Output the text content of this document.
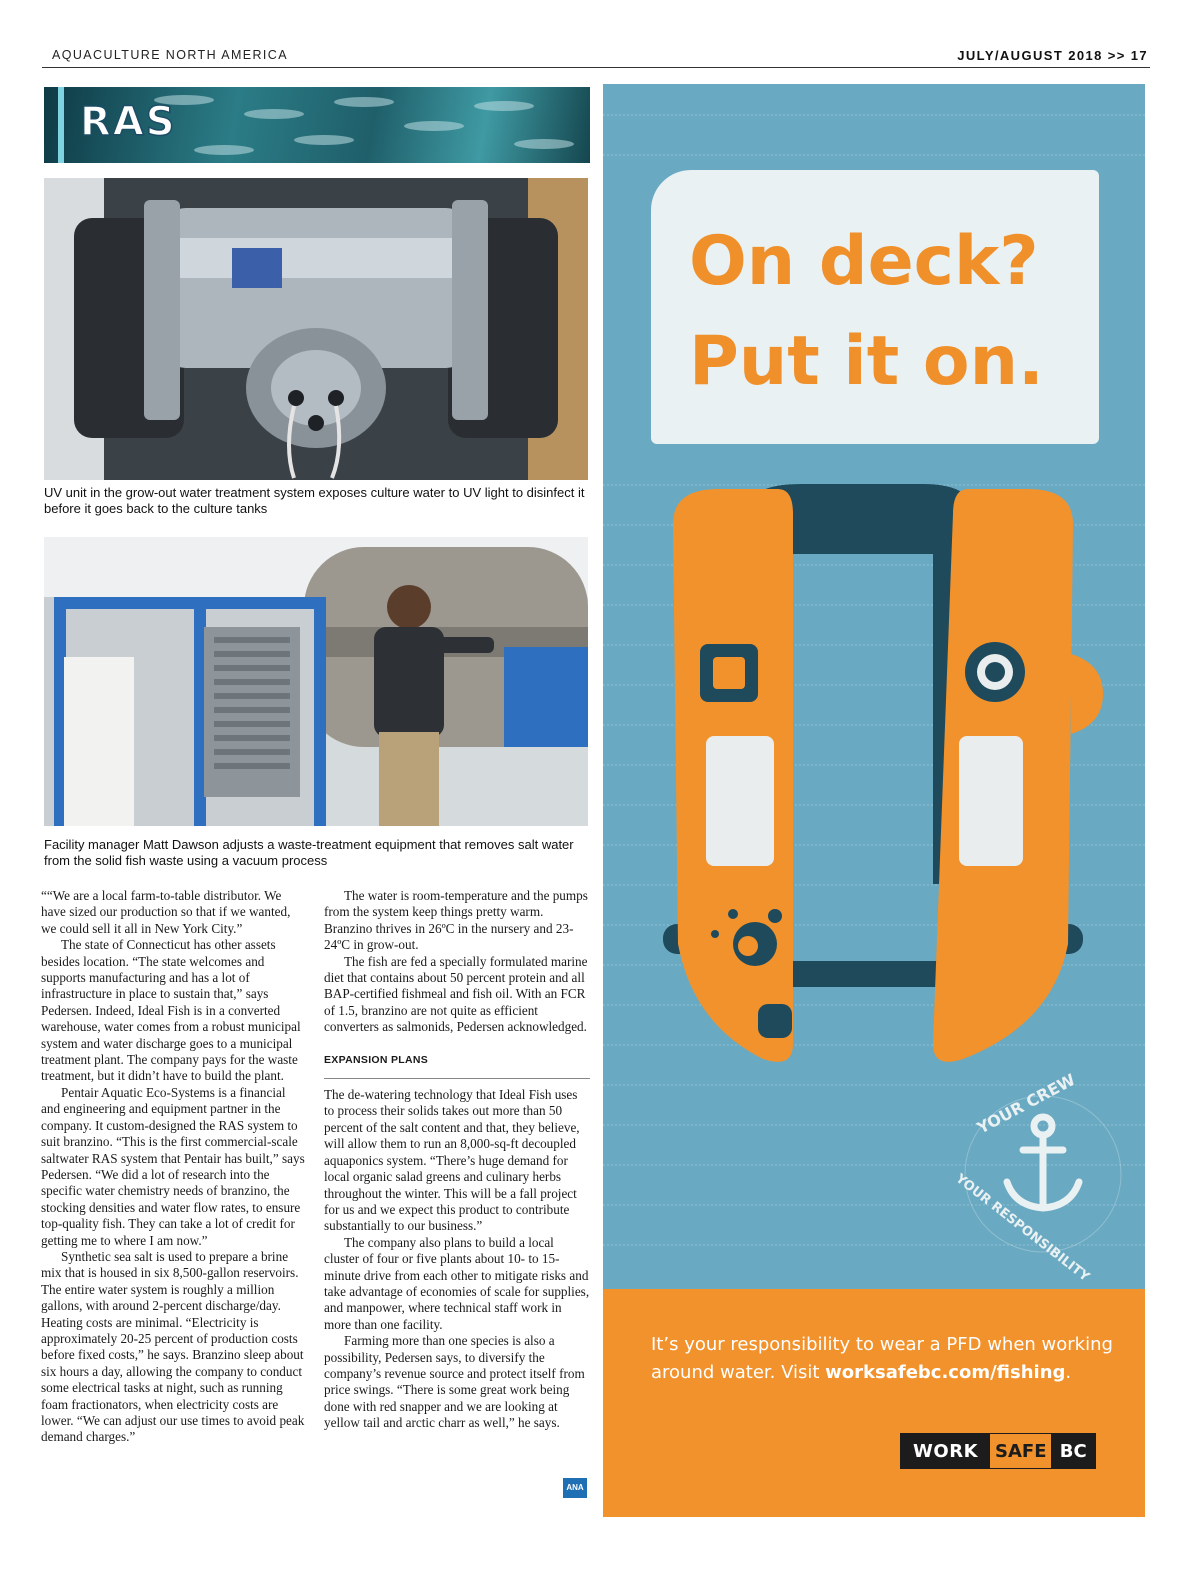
AQUACULTURE NORTH AMERICA	JULY/AUGUST 2018 >> 17
RAS
UV unit in the grow-out water treatment system exposes culture water to UV light to disinfect it before it goes back to the culture tanks
Facility manager Matt Dawson adjusts a waste-treatment equipment that removes salt water from the solid fish waste using a vacuum process

““We are a local farm-to-table distributor. We have sized our production so that if we wanted, we could sell it all in New York City.”

The state of Connecticut has other assets besides location. “The state welcomes and supports manufacturing and has a lot of infrastructure in place to sustain that,” says Pedersen. Indeed, Ideal Fish is in a converted warehouse, water comes from a robust municipal system and water discharge goes to a municipal treatment plant. The company pays for the waste treatment, but it didn’t have to build the plant.

Pentair Aquatic Eco-Systems is a financial and engineering and equipment partner in the company. It custom-designed the RAS system to suit branzino. “This is the first commercial-scale saltwater RAS system that Pentair has built,” says Pedersen. “We did a lot of research into the specific water chemistry needs of branzino, the stocking densities and water flow rates, to ensure top-quality fish. They can take a lot of credit for getting me to where I am now.”

Synthetic sea salt is used to prepare a brine mix that is housed in six 8,500-gallon reservoirs. The entire water system is roughly a million gallons, with around 2-percent discharge/day. Heating costs are minimal. “Electricity is approximately 20-25 percent of production costs before fixed costs,” he says. Branzino sleep about six hours a day, allowing the company to conduct some electrical tasks at night, such as running foam fractionators, when electricity costs are lower. “We can adjust our use times to avoid peak demand charges.”

The water is room-temperature and the pumps from the system keep things pretty warm. Branzino thrives in 26ºC in the nursery and 23-24ºC in grow-out.

The fish are fed a specially formulated marine diet that contains about 50 percent protein and all BAP-certified fishmeal and fish oil. With an FCR of 1.5, branzino are not quite as efficient converters as salmonids, Pedersen acknowledged.

EXPANSION PLANS

The de-watering technology that Ideal Fish uses to process their solids takes out more than 50 percent of the salt content and that, they believe, will allow them to run an 8,000-sq-ft decoupled aquaponics system. “There’s huge demand for local organic salad greens and culinary herbs throughout the winter. This will be a fall project for us and we expect this product to contribute substantially to our business.”

The company also plans to build a local cluster of four or five plants about 10- to 15-minute drive from each other to mitigate risks and take advantage of economies of scale for supplies, and manpower, where technical staff work in more than one facility.

Farming more than one species is also a possibility, Pedersen says, to diversify the company’s revenue source and protect itself from price swings. “There is some great work being done with red snapper and we are looking at yellow tail and arctic charr as well,” he says.

ANA
On deck?
Put it on.
YOUR CREW
YOUR RESPONSIBILITY
It’s your responsibility to wear a PFD when working around water. Visit worksafebc.com/fishing.
WORK SAFE BC
